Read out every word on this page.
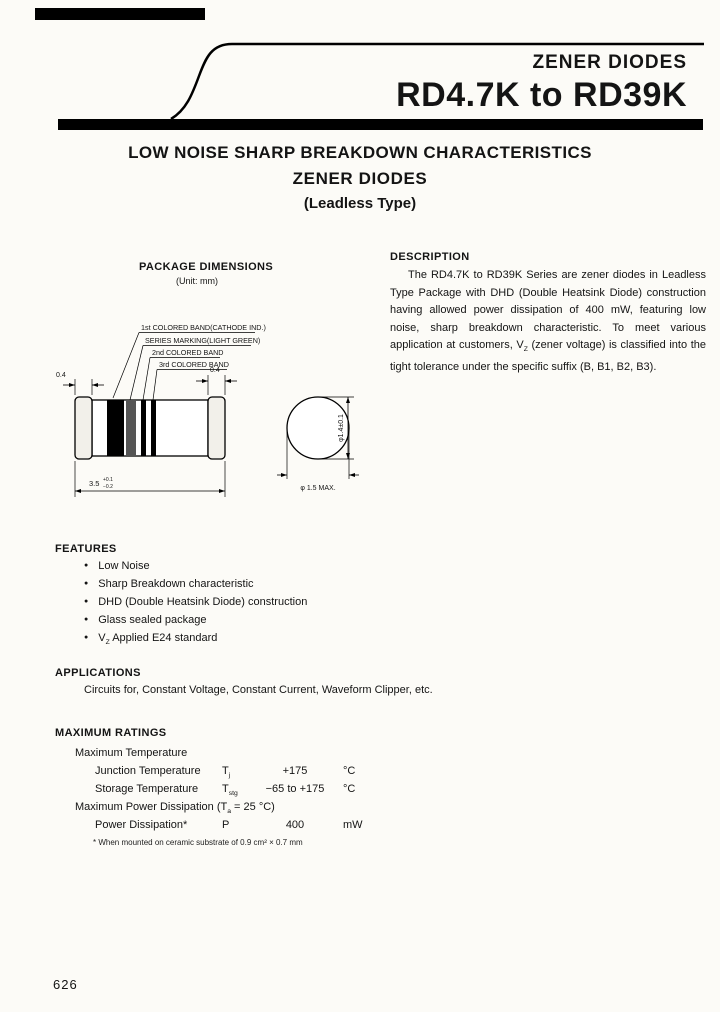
ZENER DIODES
RD4.7K to RD39K
LOW NOISE SHARP BREAKDOWN CHARACTERISTICS
ZENER DIODES
(Leadless Type)
PACKAGE DIMENSIONS
(Unit: mm)
1st COLORED BAND(CATHODE IND.)
SERIES MARKING(LIGHT GREEN)
2nd COLORED BAND
3rd COLORED BAND
0.4
0.4
3.5 +0.1
−0.2
φ1.4±0.1
φ 1.5 MAX.
DESCRIPTION
The RD4.7K to RD39K Series are zener diodes in Leadless Type Package with DHD (Double Heatsink Diode) construction having allowed power dissipation of 400 mW, featuring low noise, sharp breakdown characteristic. To meet various application at customers, $V_Z$ (zener voltage) is classified into the tight tolerance under the specific suffix (B, B1, B2, B3).
FEATURES
● Low Noise
● Sharp Breakdown characteristic
● DHD (Double Heatsink Diode) construction
● Glass sealed package
● $V_Z$ Applied E24 standard
APPLICATIONS
Circuits for, Constant Voltage, Constant Current, Waveform Clipper, etc.
MAXIMUM RATINGS
Maximum Temperature
Junction Temperature $T_j$	+175	°C
Storage Temperature $T_{stg}$	−65 to +175	°C
Maximum Power Dissipation ($T_a = 25$ °C)
Power Dissipation*	P	400	mW
* When mounted on ceramic substrate of 0.9 cm² × 0.7 mm
626
